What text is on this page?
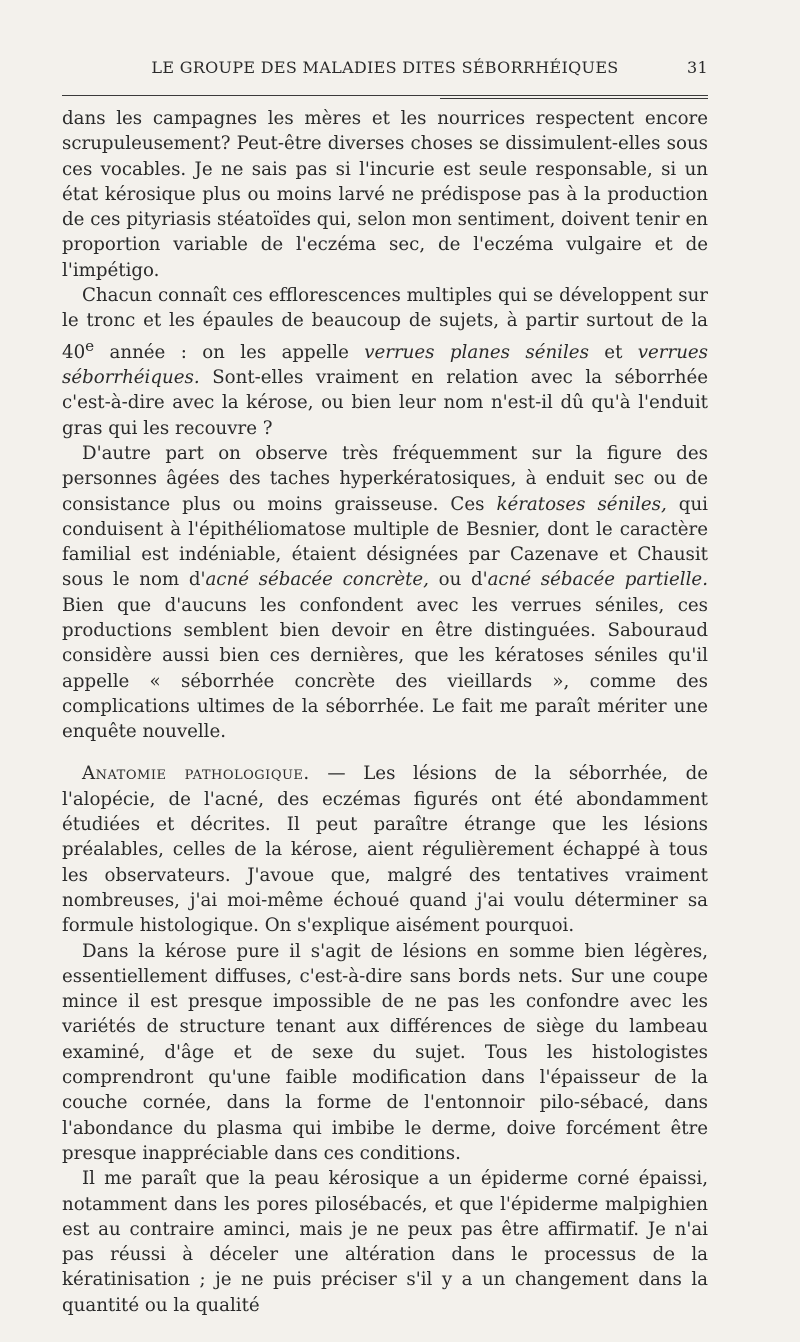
LE GROUPE DES MALADIES DITES SÉBORRHÉIQUES	31

dans les campagnes les mères et les nourrices respectent encore scrupuleusement? Peut-être diverses choses se dissimulent-elles sous ces vocables. Je ne sais pas si l'incurie est seule responsable, si un état kérosique plus ou moins larvé ne prédispose pas à la production de ces pityriasis stéatoïdes qui, selon mon sentiment, doivent tenir en proportion variable de l'eczéma sec, de l'eczéma vulgaire et de l'impétigo.

Chacun connaît ces efflorescences multiples qui se développent sur le tronc et les épaules de beaucoup de sujets, à partir surtout de la 40e année : on les appelle verrues planes séniles et verrues séborrhéiques. Sont-elles vraiment en relation avec la séborrhée c'est-à-dire avec la kérose, ou bien leur nom n'est-il dû qu'à l'enduit gras qui les recouvre ?

D'autre part on observe très fréquemment sur la figure des personnes âgées des taches hyperkératosiques, à enduit sec ou de consistance plus ou moins graisseuse. Ces kératoses séniles, qui conduisent à l'épithéliomatose multiple de Besnier, dont le caractère familial est indéniable, étaient désignées par Cazenave et Chausit sous le nom d'acné sébacée concrète, ou d'acné sébacée partielle. Bien que d'aucuns les confondent avec les verrues séniles, ces productions semblent bien devoir en être distinguées. Sabouraud considère aussi bien ces dernières, que les kératoses séniles qu'il appelle « séborrhée concrète des vieillards », comme des complications ultimes de la séborrhée. Le fait me paraît mériter une enquête nouvelle.

Anatomie pathologique. — Les lésions de la séborrhée, de l'alopécie, de l'acné, des eczémas figurés ont été abondamment étudiées et décrites. Il peut paraître étrange que les lésions préalables, celles de la kérose, aient régulièrement échappé à tous les observateurs. J'avoue que, malgré des tentatives vraiment nombreuses, j'ai moi-même échoué quand j'ai voulu déterminer sa formule histologique. On s'explique aisément pourquoi.

Dans la kérose pure il s'agit de lésions en somme bien légères, essentiellement diffuses, c'est-à-dire sans bords nets. Sur une coupe mince il est presque impossible de ne pas les confondre avec les variétés de structure tenant aux différences de siège du lambeau examiné, d'âge et de sexe du sujet. Tous les histologistes comprendront qu'une faible modification dans l'épaisseur de la couche cornée, dans la forme de l'entonnoir pilo-sébacé, dans l'abondance du plasma qui imbibe le derme, doive forcément être presque inappréciable dans ces conditions.

Il me paraît que la peau kérosique a un épiderme corné épaissi, notamment dans les pores pilosébacés, et que l'épiderme malpighien est au contraire aminci, mais je ne peux pas être affirmatif. Je n'ai pas réussi à déceler une altération dans le processus de la kératinisation ; je ne puis préciser s'il y a un changement dans la quantité ou la qualité
